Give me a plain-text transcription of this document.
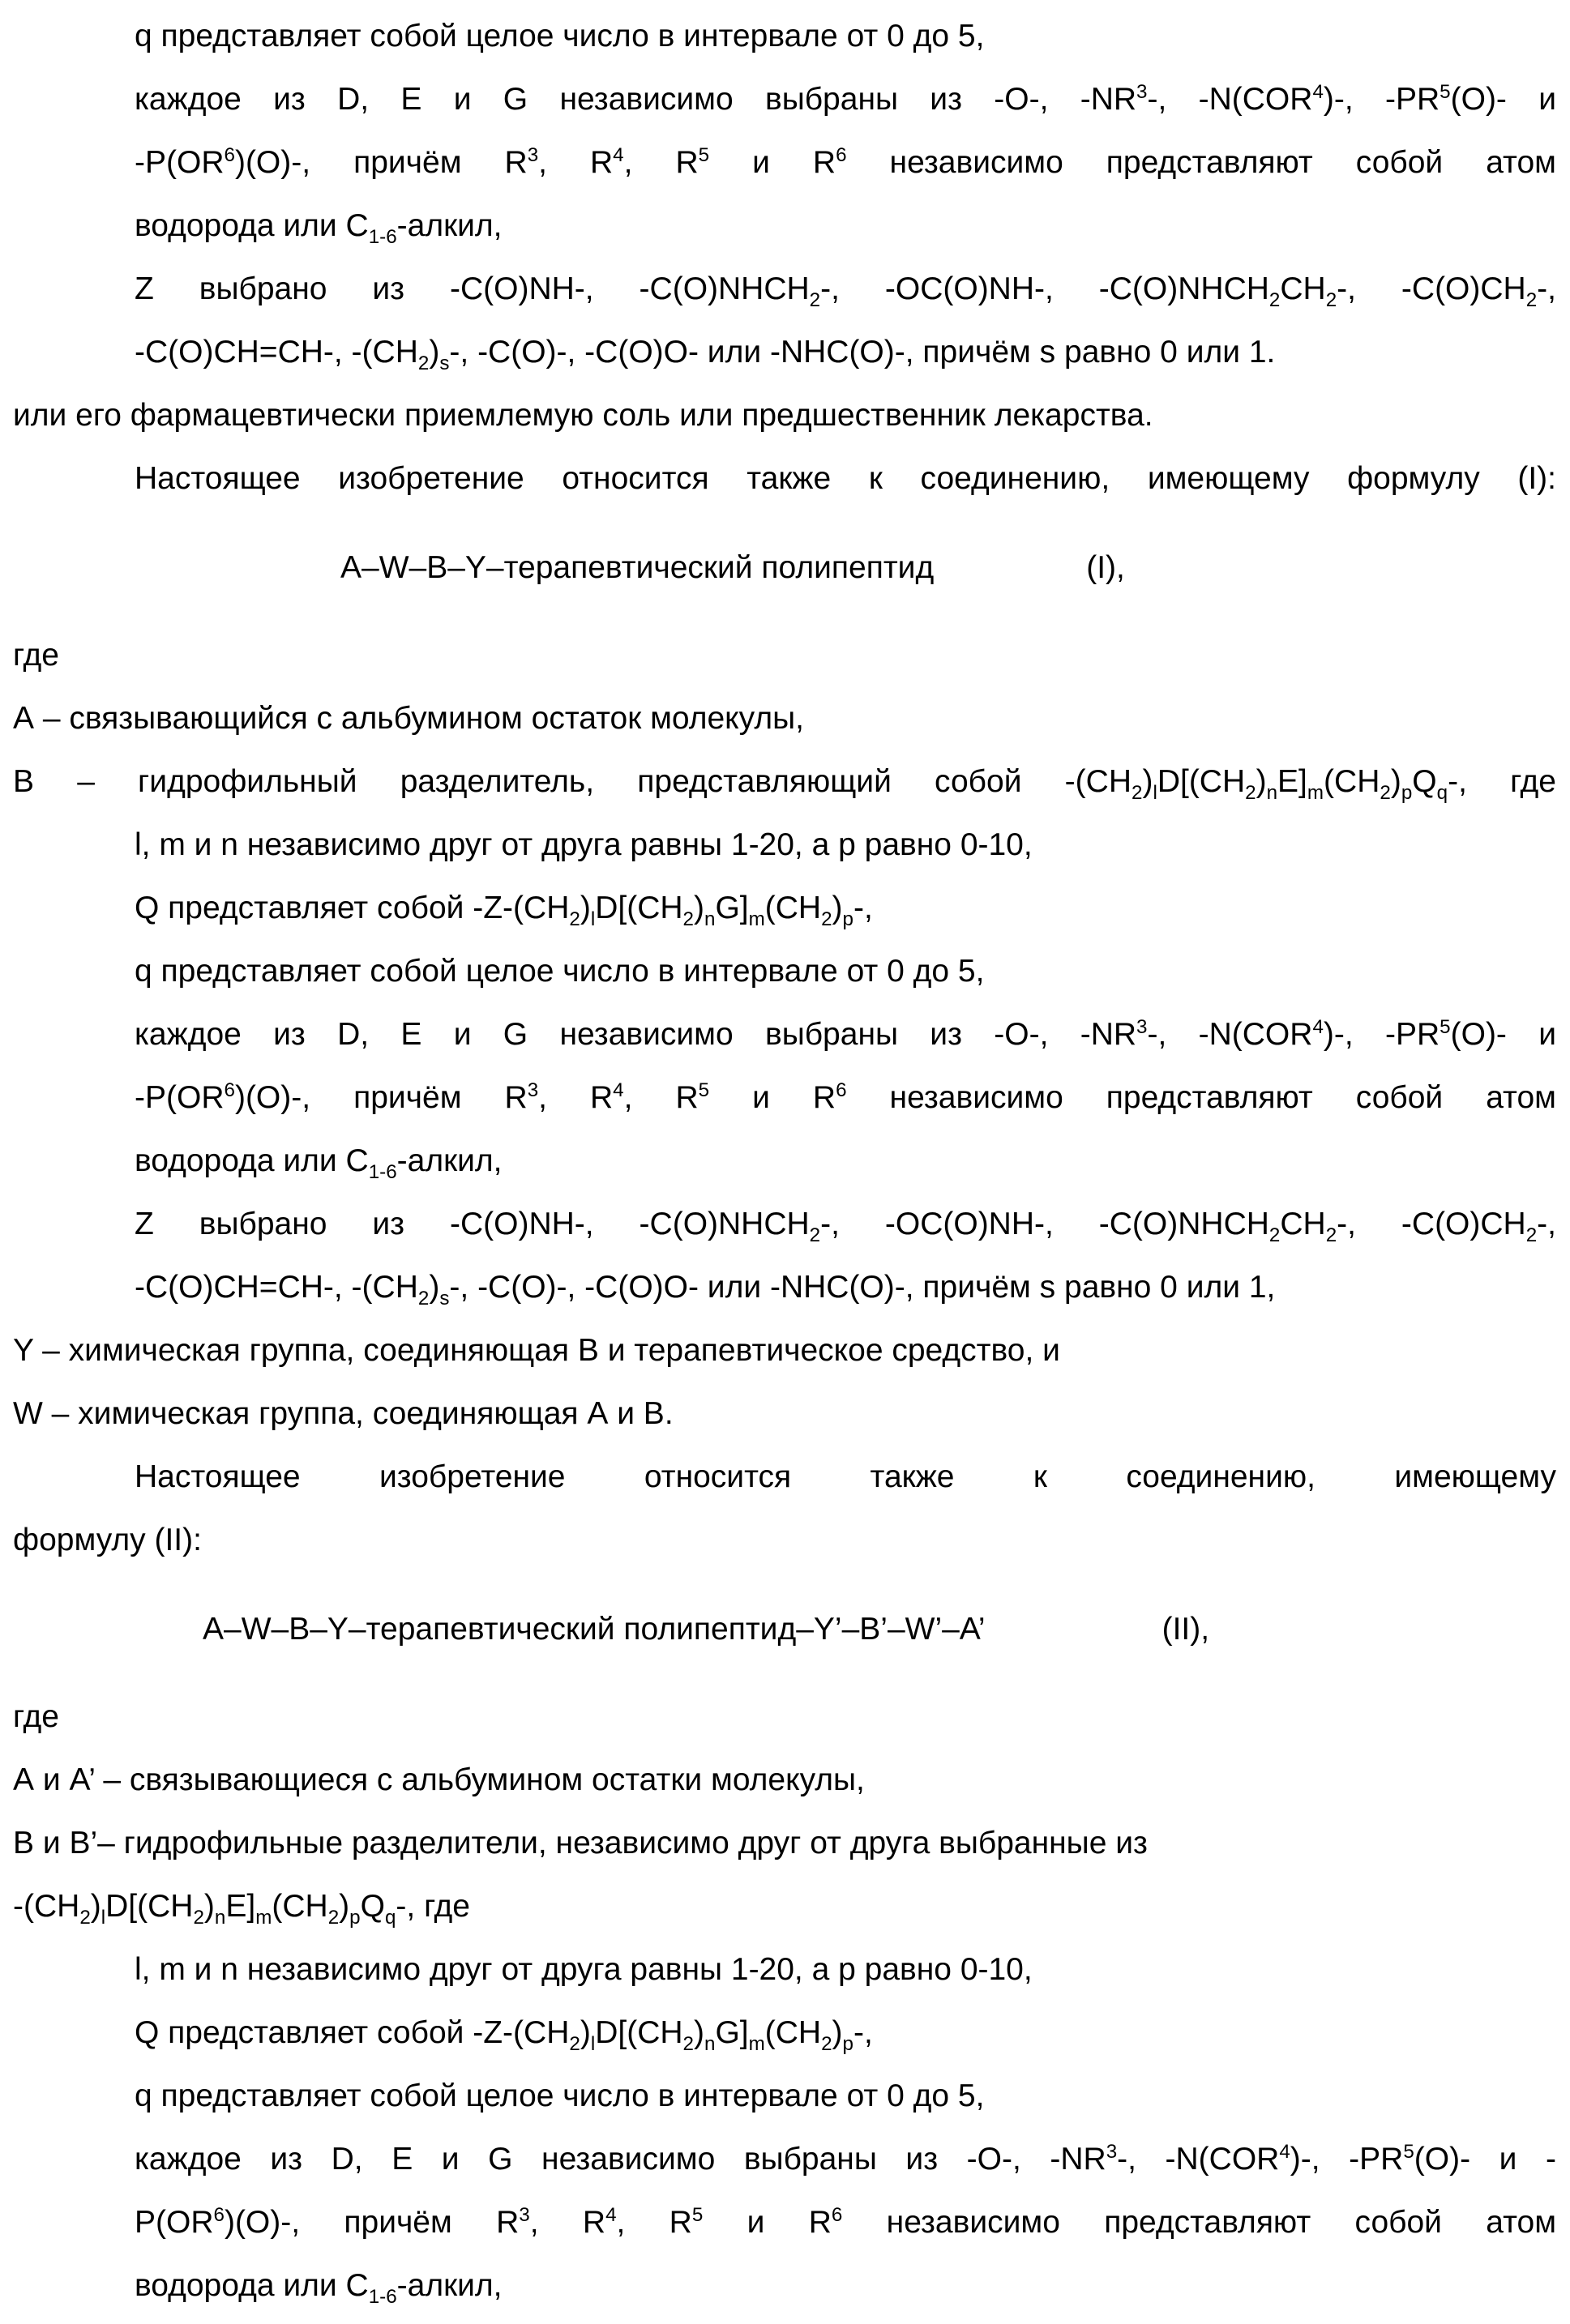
q представляет собой целое число в интервале от 0 до 5,
каждое из D, E и G независимо выбраны из -O-, $-NR^3-$, -N(COR$^4$)-, $-PR^5(O)-$ и
$-P(OR^6)(O)-$, причём $R^3$, $R^4$, $R^5$ и $R^6$ независимо представляют собой атом
водорода или $C_{1-6}$-алкил,
Z выбрано из -C(O)NH-, $-C(O)NHCH_2-$, -OC(O)NH-, $-C(O)NHCH_2CH_2-$, $-C(O)CH_2-$,
-C(O)CH=CH-, $-(CH_2)_s-$, -C(O)-, -C(O)O- или -NHC(O)-, причём s равно 0 или 1.
или его фармацевтически приемлемую соль или предшественник лекарства.
Настоящее изобретение относится также к соединению, имеющему формулу (I):
A–W–B–Y–терапевтический полипептид	(I),
где
А – связывающийся с альбумином остаток молекулы,
В – гидрофильный разделитель, представляющий собой $-(CH_2)_lD[(CH_2)_nE]_m(CH_2)_pQ_q-$, где
l, m и n независимо друг от друга равны 1-20, а p равно 0-10,
Q представляет собой $-Z-(CH_2)_lD[(CH_2)_nG]_m(CH_2)_p-$,
q представляет собой целое число в интервале от 0 до 5,
каждое из D, E и G независимо выбраны из -O-, $-NR^3-$, -N(COR$^4$)-, $-PR^5(O)-$ и
$-P(OR^6)(O)-$, причём $R^3$, $R^4$, $R^5$ и $R^6$ независимо представляют собой атом
водорода или $C_{1-6}$-алкил,
Z выбрано из -C(O)NH-, $-C(O)NHCH_2-$, -OC(O)NH-, $-C(O)NHCH_2CH_2-$, $-C(O)CH_2-$,
-C(O)CH=CH-, $-(CH_2)_s-$, -C(O)-, -C(O)O- или -NHC(O)-, причём s равно 0 или 1,
Y – химическая группа, соединяющая В и терапевтическое средство, и
W – химическая группа, соединяющая А и В.
Настоящее изобретение относится также к соединению, имеющему
формулу (II):
A–W–B–Y–терапевтический полипептид–Y’–B’–W’–A’	(II),
где
А и А’ – связывающиеся с альбумином остатки молекулы,
В и В’– гидрофильные разделители, независимо друг от друга выбранные из
$-(CH_2)_lD[(CH_2)_nE]_m(CH_2)_pQ_q-$, где
l, m и n независимо друг от друга равны 1-20, а p равно 0-10,
Q представляет собой $-Z-(CH_2)_lD[(CH_2)_nG]_m(CH_2)_p-$,
q представляет собой целое число в интервале от 0 до 5,
каждое из D, E и G независимо выбраны из -O-, $-NR^3-$, -N(COR$^4$)-, $-PR^5(O)-$ и -
$P(OR^6)(O)-$, причём $R^3$, $R^4$, $R^5$ и $R^6$ независимо представляют собой атом
водорода или $C_{1-6}$-алкил,
